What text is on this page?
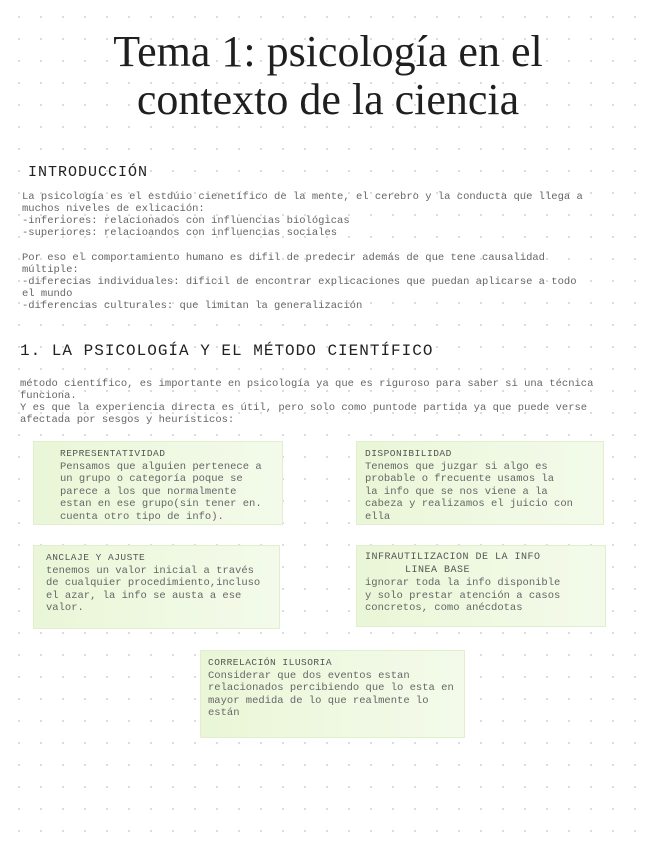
Tema 1: psicología en el
contexto de la ciencia
INTRODUCCIÓN

La psicología es el estdúio cienetífico de la mente, el cerebro y la conducta que llega a
muchos niveles de exlicación:
-inferiores: relacionados con influencias biológicas
-superiores: relacioandos con influencias sociales

Por eso el comportamiento humano es difil de predecir además de que tene causalidad
múltiple:
-diferecias individuales: dificil de encontrar explicaciones que puedan aplicarse a todo
el mundo
-diferencias culturales: que limitan la generalización

1. LA PSICOLOGÍA Y EL MÉTODO CIENTÍFICO

método científico, es importante en psicología ya que es riguroso para saber si una técnica
funciona.
Y es que la experiencia directa es útil, pero solo como puntode partida ya que puede verse
afectada por sesgos y heurísticos:

REPRESENTATIVIDAD
Pensamos que alguien pertenece a
un grupo o categoría poque se
parece a los que normalmente
estan en ese grupo(sin tener en.
cuenta otro tipo de info).
DISPONIBILIDAD
Tenemos que juzgar si algo es
probable o frecuente usamos la
la info que se nos viene a la
cabeza y realizamos el juicio con
ella
ANCLAJE Y AJUSTE
tenemos un valor inicial a través
de cualquier procedimiento,incluso
el azar, la info se austa a ese
valor.
INFRAUTILIZACION DE LA INFO
LINEA BASE
ignorar toda la info disponible
y solo prestar atención a casos
concretos, como anécdotas
CORRELACIÓN ILUSORIA
Considerar que dos eventos estan
relacionados percibiendo que lo esta en
mayor medida de lo que realmente lo
están
